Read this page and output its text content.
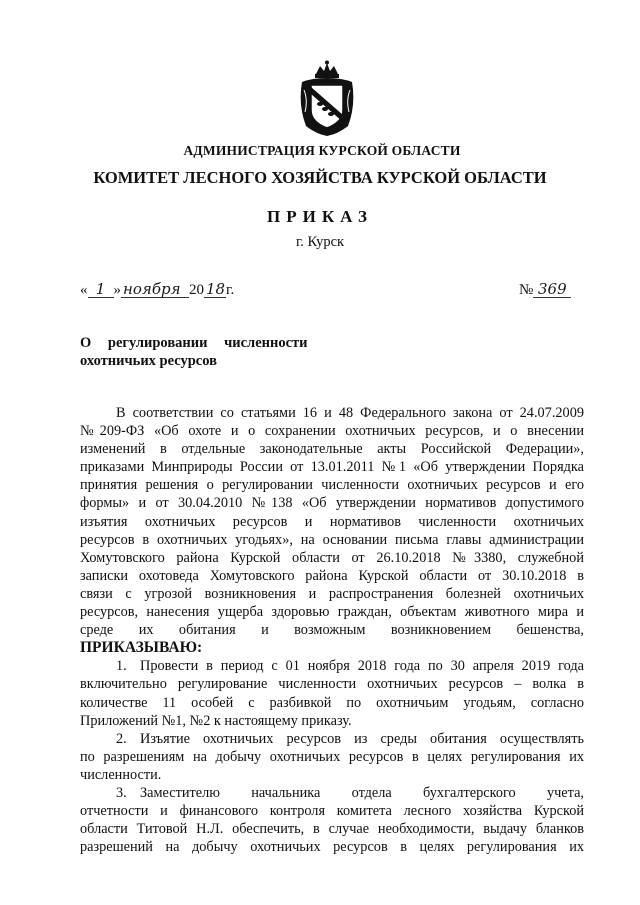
АДМИНИСТРАЦИЯ КУРСКОЙ ОБЛАСТИ
КОМИТЕТ ЛЕСНОГО ХОЗЯЙСТВА КУРСКОЙ ОБЛАСТИ
ПРИКАЗ
г. Курск
« 1 » ноября 20 18г.	№ 369
О регулировании численности
охотничьих ресурсов
В соответствии со статьями 16 и 48 Федерального закона от 24.07.2009
№209-ФЗ «Об охоте и о сохранении охотничьих ресурсов, и о внесении
изменений в отдельные законодательные акты Российской Федерации»,
приказами Минприроды России от 13.01.2011 №1 «Об утверждении Порядка
принятия решения о регулировании численности охотничьих ресурсов и его
формы» и от 30.04.2010 №138 «Об утверждении нормативов допустимого
изъятия охотничьих ресурсов и нормативов численности охотничьих
ресурсов в охотничьих угодьях», на основании письма главы администрации
Хомутовского района Курской области от 26.10.2018 №3380, служебной
записки охотоведа Хомутовского района Курской области от 30.10.2018 в
связи с угрозой возникновения и распространения болезней охотничьих
ресурсов, нанесения ущерба здоровью граждан, объектам животного мира и
среде их обитания и возможным возникновением бешенства,
ПРИКАЗЫВАЮ:
1. Провести в период с 01 ноября 2018 года по 30 апреля 2019 года
включительно регулирование численности охотничьих ресурсов – волка в
количестве 11 особей с разбивкой по охотничьим угодьям, согласно
Приложений №1, №2 к настоящему приказу.
2. Изъятие охотничьих ресурсов из среды обитания осуществлять
по разрешениям на добычу охотничьих ресурсов в целях регулирования их
численности.
3. Заместителю начальника отдела бухгалтерского учета,
отчетности и финансового контроля комитета лесного хозяйства Курской
области Титовой Н.Л. обеспечить, в случае необходимости, выдачу бланков
разрешений на добычу охотничьих ресурсов в целях регулирования их
